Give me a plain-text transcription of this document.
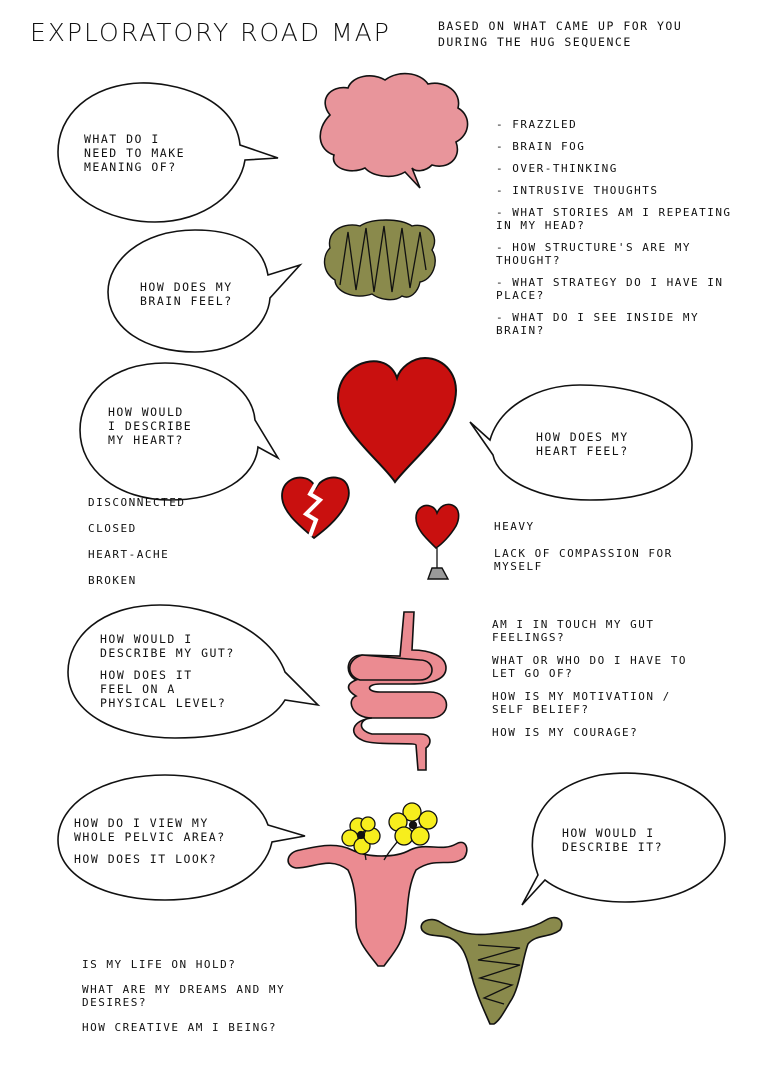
EXPLORATORY ROAD MAP	BASED ON WHAT CAME UP FOR YOU
DURING THE HUG SEQUENCE
WHAT DO I
NEED TO MAKE
MEANING OF?
HOW DOES MY
BRAIN FEEL?
- FRAZZLED
- BRAIN FOG
- OVER-THINKING
- INTRUSIVE THOUGHTS
- WHAT STORIES AM I REPEATING IN MY HEAD?
- HOW STRUCTURE'S ARE MY THOUGHT?
- WHAT STRATEGY DO I HAVE IN PLACE?
- WHAT DO I SEE INSIDE MY BRAIN?
HOW WOULD
I DESCRIBE
MY HEART?	HOW DOES MY
HEART FEEL?
DISCONNECTED
CLOSED
HEART-ACHE
BROKEN
HEAVY
LACK OF COMPASSION FOR MYSELF
HOW WOULD I
DESCRIBE MY GUT?
HOW DOES IT
FEEL ON A
PHYSICAL LEVEL?
AM I IN TOUCH MY GUT FEELINGS?
WHAT OR WHO DO I HAVE TO LET GO OF?
HOW IS MY MOTIVATION / SELF BELIEF?
HOW IS MY COURAGE?
HOW DO I VIEW MY
WHOLE PELVIC AREA?
HOW DOES IT LOOK?
HOW WOULD I
DESCRIBE IT?
IS MY LIFE ON HOLD?
WHAT ARE MY DREAMS AND MY DESIRES?
HOW CREATIVE AM I BEING?
